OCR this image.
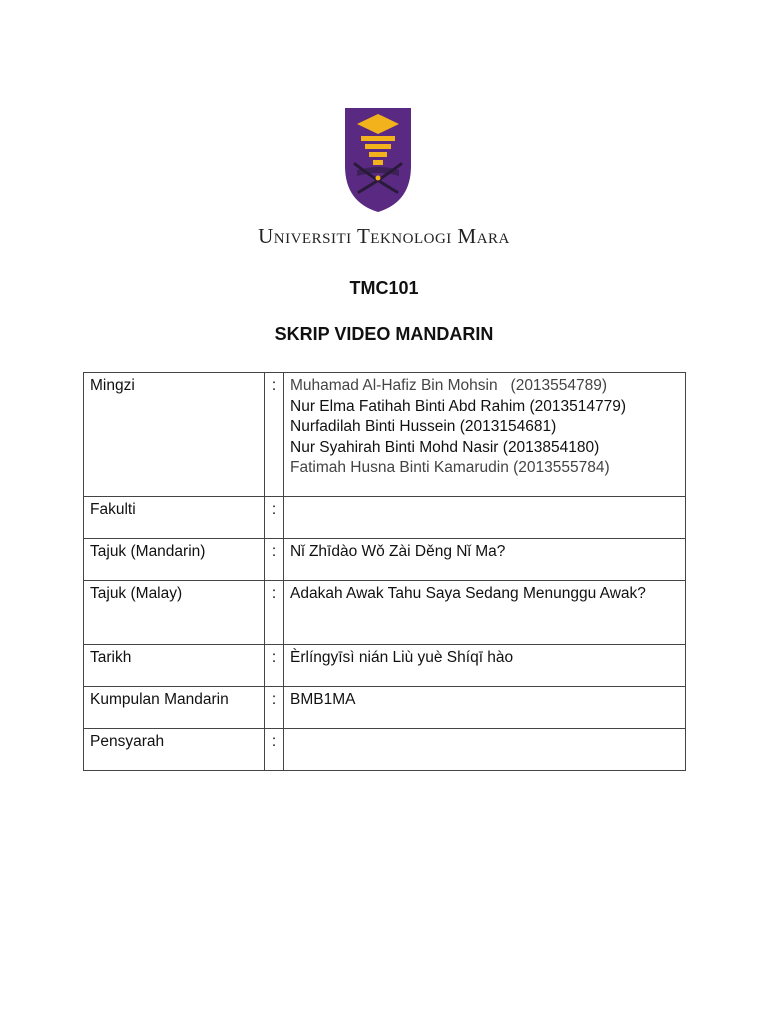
Universiti Teknologi Mara
TMC101
SKRIP VIDEO MANDARIN
Mingzi	:	Muhamad Al-Hafiz Bin Mohsin   (2013554789)
Nur Elma Fatihah Binti Abd Rahim (2013514779)
Nurfadilah Binti Hussein (2013154681)
Nur Syahirah Binti Mohd Nasir (2013854180)
Fatimah Husna Binti Kamarudin (2013555784)

Fakulti	:	
Tajuk (Mandarin)	:	Nǐ Zhīdào Wǒ Zài Děng Nǐ Ma?
Tajuk (Malay)	:	Adakah Awak Tahu Saya Sedang Menunggu Awak?
Tarikh	:	Èrlíngyīsì nián Liù yuè Shíqī hào
Kumpulan Mandarin	:	BMB1MA
Pensyarah	:	
